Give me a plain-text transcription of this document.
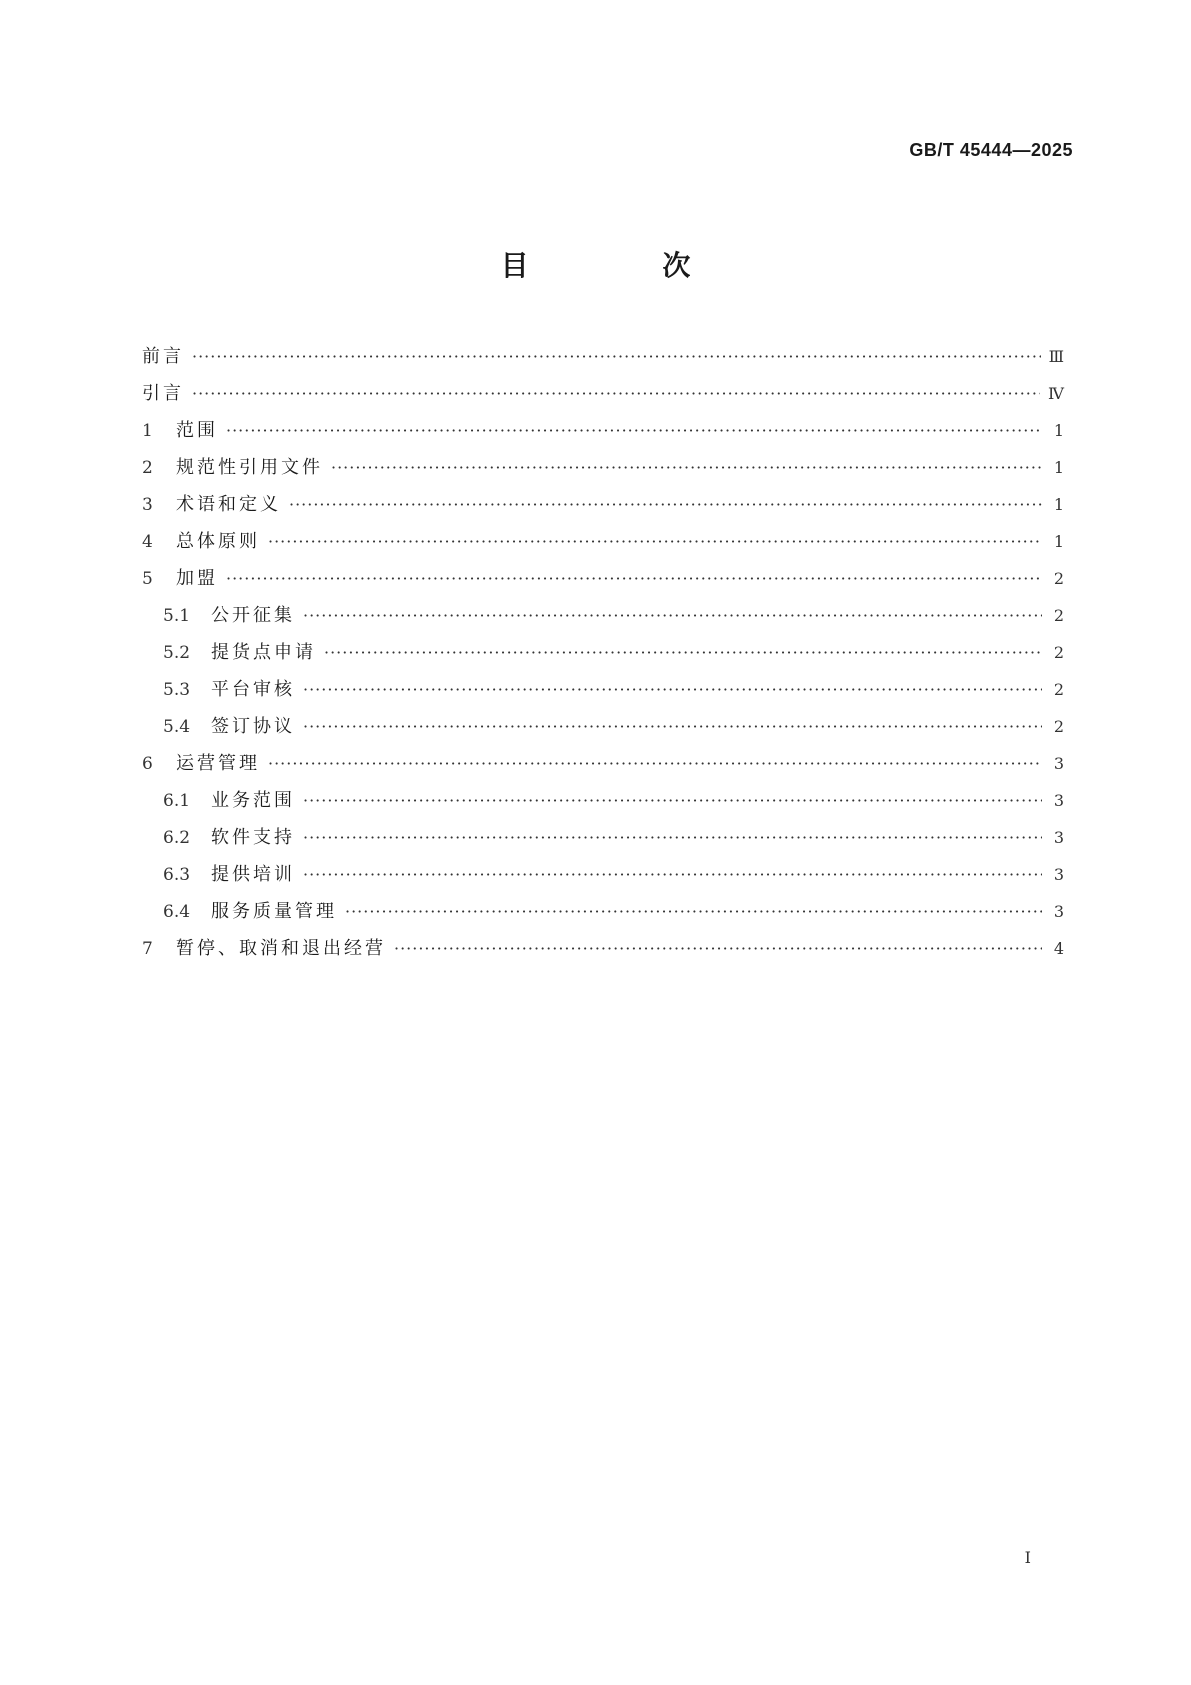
GB/T 45444—2025
目 次
前言 ·····	Ⅲ
引言 ·····	Ⅳ
1	范围 ·····	1
2	规范性引用文件 ·····	1
3	术语和定义 ·····	1
4	总体原则 ·····	1
5	加盟 ·····	2
5.1	公开征集 ·····	2
5.2	提货点申请 ·····	2
5.3	平台审核 ·····	2
5.4	签订协议 ·····	2
6	运营管理 ·····	3
6.1	业务范围 ·····	3
6.2	软件支持 ·····	3
6.3	提供培训 ·····	3
6.4	服务质量管理 ·····	3
7	暂停、取消和退出经营 ·····	4
Ⅰ
